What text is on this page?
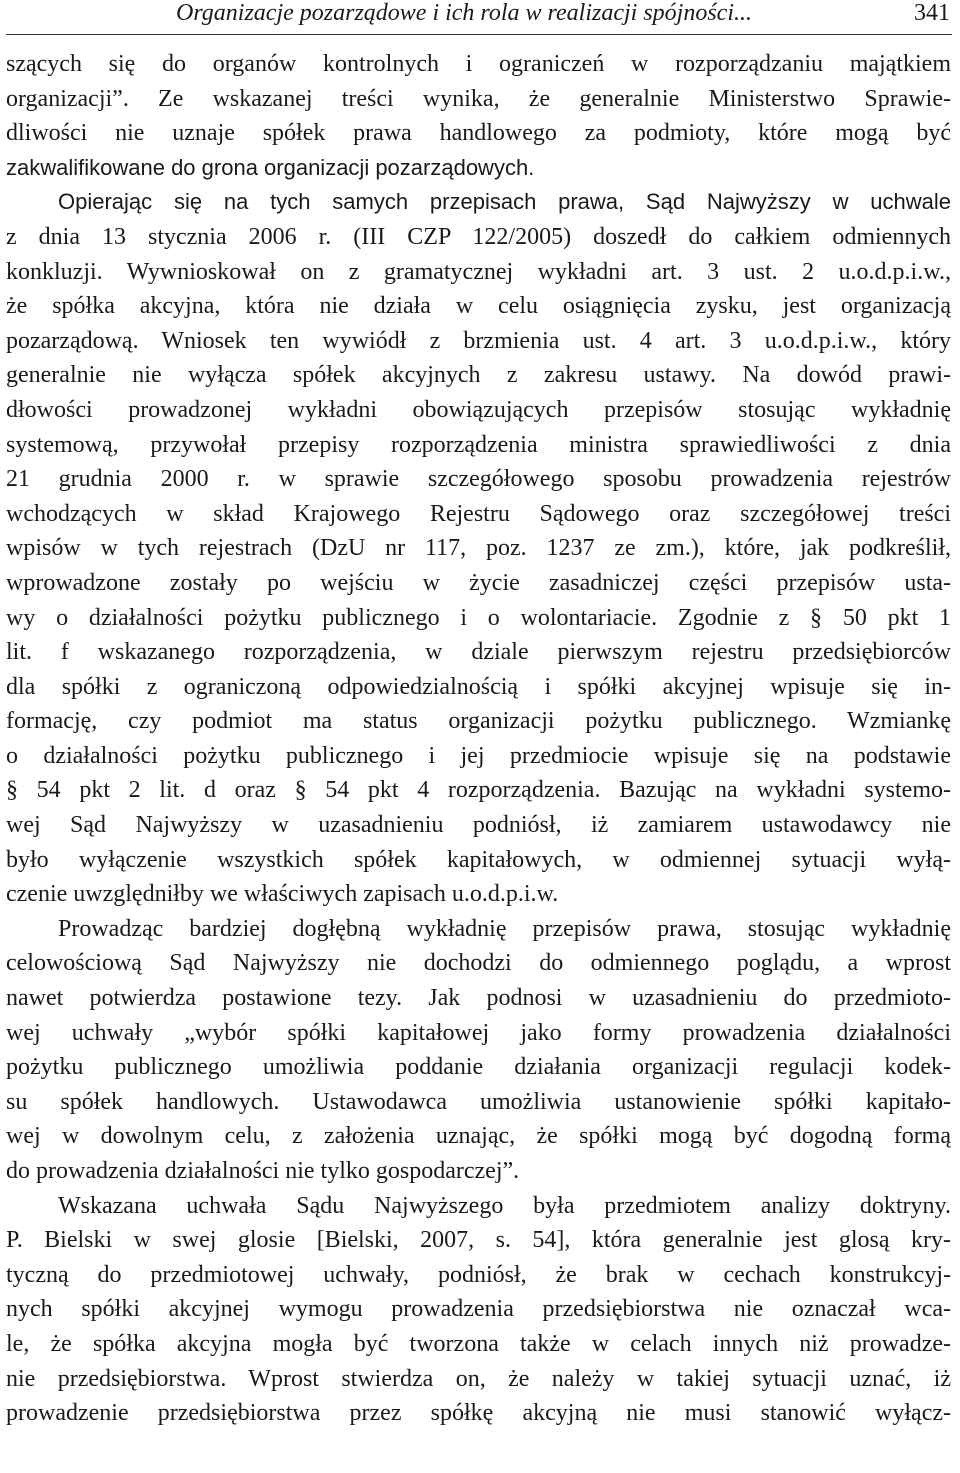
Organizacje pozarządowe i ich rola w realizacji spójności...	341
szących się do organów kontrolnych i ograniczeń w rozporządzaniu majątkiem
organizacji”. Ze wskazanej treści wynika, że generalnie Ministerstwo Sprawie-
dliwości nie uznaje spółek prawa handlowego za podmioty, które mogą być
zakwalifikowane do grona organizacji pozarządowych.
Opierając się na tych samych przepisach prawa, Sąd Najwyższy w uchwale
z dnia 13 stycznia 2006 r. (III CZP 122/2005) doszedł do całkiem odmiennych
konkluzji. Wywnioskował on z gramatycznej wykładni art. 3 ust. 2 u.o.d.p.i.w.,
że spółka akcyjna, która nie działa w celu osiągnięcia zysku, jest organizacją
pozarządową. Wniosek ten wywiódł z brzmienia ust. 4 art. 3 u.o.d.p.i.w., który
generalnie nie wyłącza spółek akcyjnych z zakresu ustawy. Na dowód prawi-
dłowości prowadzonej wykładni obowiązujących przepisów stosując wykładnię
systemową, przywołał przepisy rozporządzenia ministra sprawiedliwości z dnia
21 grudnia 2000 r. w sprawie szczegółowego sposobu prowadzenia rejestrów
wchodzących w skład Krajowego Rejestru Sądowego oraz szczegółowej treści
wpisów w tych rejestrach (DzU nr 117, poz. 1237 ze zm.), które, jak podkreślił,
wprowadzone zostały po wejściu w życie zasadniczej części przepisów usta-
wy o działalności pożytku publicznego i o wolontariacie. Zgodnie z § 50 pkt 1
lit. f wskazanego rozporządzenia, w dziale pierwszym rejestru przedsiębiorców
dla spółki z ograniczoną odpowiedzialnością i spółki akcyjnej wpisuje się in-
formację, czy podmiot ma status organizacji pożytku publicznego. Wzmiankę
o działalności pożytku publicznego i jej przedmiocie wpisuje się na podstawie
§ 54 pkt 2 lit. d oraz § 54 pkt 4 rozporządzenia. Bazując na wykładni systemo-
wej Sąd Najwyższy w uzasadnieniu podniósł, iż zamiarem ustawodawcy nie
było wyłączenie wszystkich spółek kapitałowych, w odmiennej sytuacji wyłą-
czenie uwzględniłby we właściwych zapisach u.o.d.p.i.w.
Prowadząc bardziej dogłębną wykładnię przepisów prawa, stosując wykładnię
celowościową Sąd Najwyższy nie dochodzi do odmiennego poglądu, a wprost
nawet potwierdza postawione tezy. Jak podnosi w uzasadnieniu do przedmioto-
wej uchwały „wybór spółki kapitałowej jako formy prowadzenia działalności
pożytku publicznego umożliwia poddanie działania organizacji regulacji kodek-
su spółek handlowych. Ustawodawca umożliwia ustanowienie spółki kapitało-
wej w dowolnym celu, z założenia uznając, że spółki mogą być dogodną formą
do prowadzenia działalności nie tylko gospodarczej”.
Wskazana uchwała Sądu Najwyższego była przedmiotem analizy doktryny.
P. Bielski w swej glosie [Bielski, 2007, s. 54], która generalnie jest glosą kry-
tyczną do przedmiotowej uchwały, podniósł, że brak w cechach konstrukcyj-
nych spółki akcyjnej wymogu prowadzenia przedsiębiorstwa nie oznaczał wca-
le, że spółka akcyjna mogła być tworzona także w celach innych niż prowadze-
nie przedsiębiorstwa. Wprost stwierdza on, że należy w takiej sytuacji uznać, iż
prowadzenie przedsiębiorstwa przez spółkę akcyjną nie musi stanowić wyłącz-
